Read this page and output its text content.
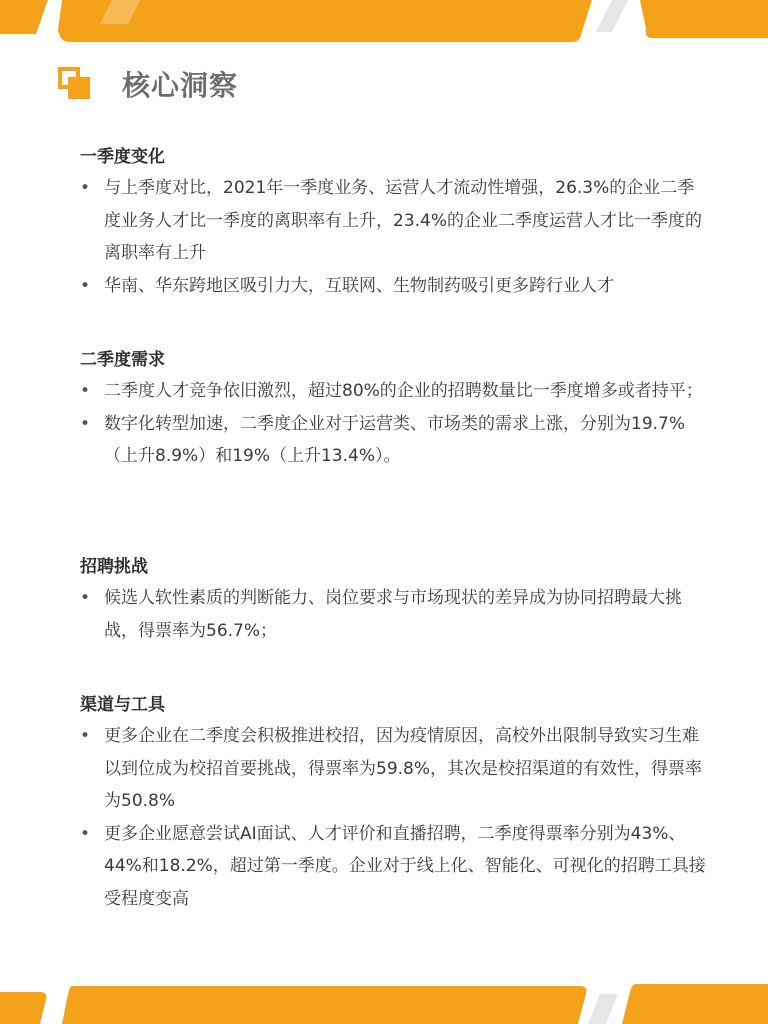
核心洞察
一季度变化
• 与上季度对比，2021年一季度业务、运营人才流动性增强，26.3%的企业二季度业务人才比一季度的离职率有上升，23.4%的企业二季度运营人才比一季度的离职率有上升
• 华南、华东跨地区吸引力大，互联网、生物制药吸引更多跨行业人才
二季度需求
• 二季度人才竞争依旧激烈，超过80%的企业的招聘数量比一季度增多或者持平；
• 数字化转型加速，二季度企业对于运营类、市场类的需求上涨，分别为19.7%（上升8.9%）和19%（上升13.4%）。
招聘挑战
• 候选人软性素质的判断能力、岗位要求与市场现状的差异成为协同招聘最大挑战，得票率为56.7%；
渠道与工具
• 更多企业在二季度会积极推进校招，因为疫情原因，高校外出限制导致实习生难以到位成为校招首要挑战，得票率为59.8%，其次是校招渠道的有效性，得票率为50.8%
• 更多企业愿意尝试AI面试、人才评价和直播招聘，二季度得票率分别为43%、44%和18.2%，超过第一季度。企业对于线上化、智能化、可视化的招聘工具接受程度变高
